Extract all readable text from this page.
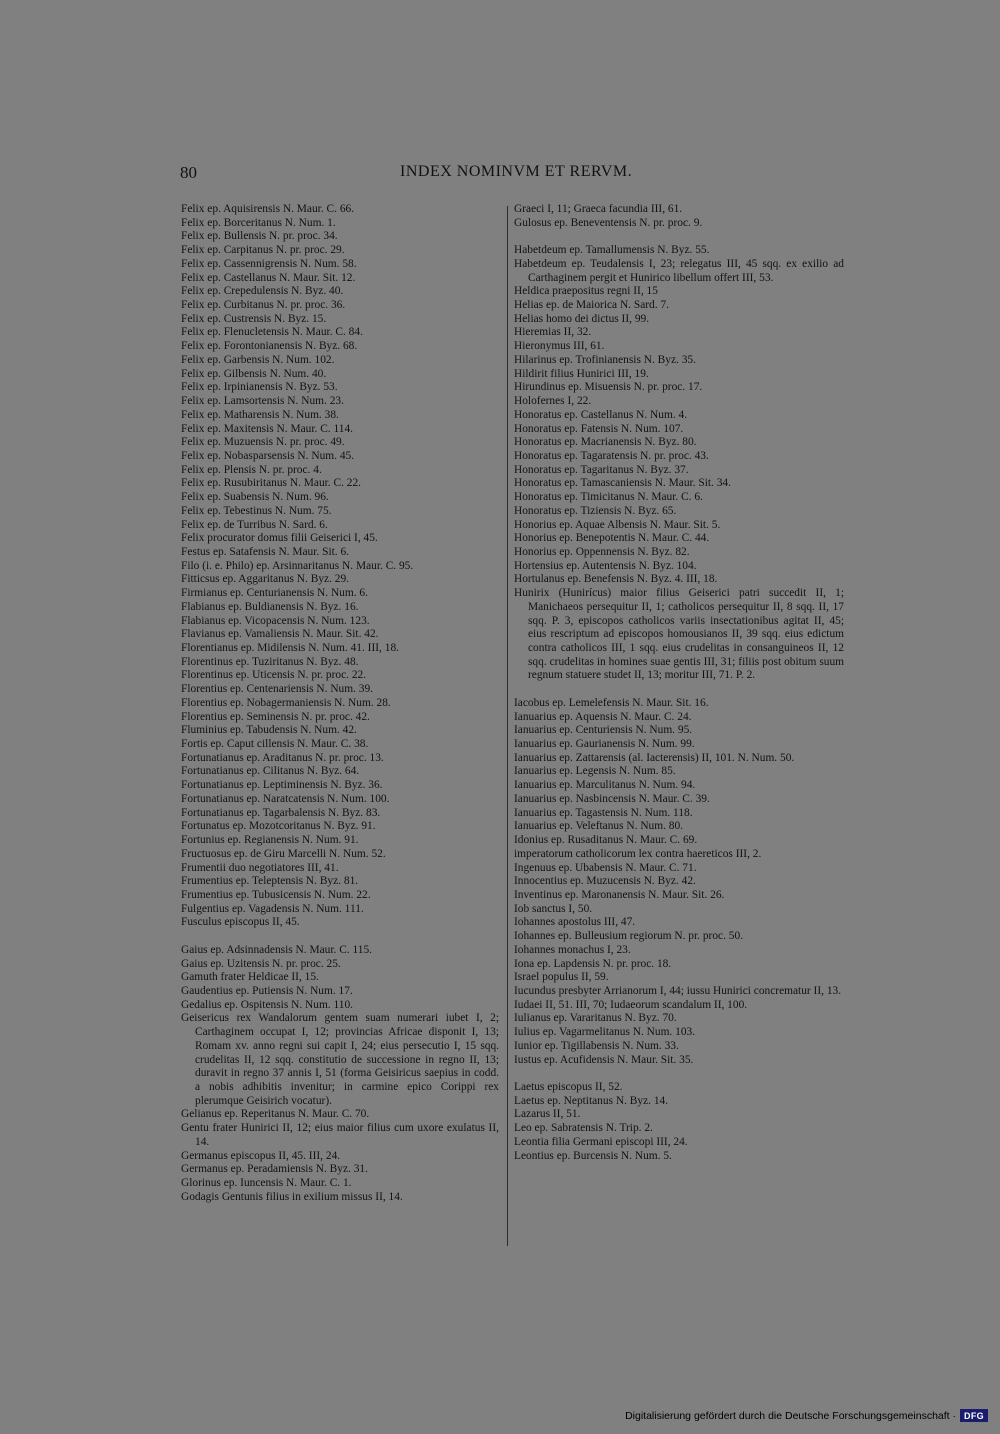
80	INDEX NOMINVM ET RERVM.
Felix ep. Aquisirensis N. Maur. C. 66.
Felix ep. Borceritanus N. Num. 1.
Felix ep. Bullensis N. pr. proc. 34.
Felix ep. Carpitanus N. pr. proc. 29.
Felix ep. Cassennigrensis N. Num. 58.
Felix ep. Castellanus N. Maur. Sit. 12.
Felix ep. Crepedulensis N. Byz. 40.
Felix ep. Curbitanus N. pr. proc. 36.
Felix ep. Custrensis N. Byz. 15.
Felix ep. Flenucletensis N. Maur. C. 84.
Felix ep. Forontonianensis N. Byz. 68.
Felix ep. Garbensis N. Num. 102.
Felix ep. Gilbensis N. Num. 40.
Felix ep. Irpinianensis N. Byz. 53.
Felix ep. Lamsortensis N. Num. 23.
Felix ep. Matharensis N. Num. 38.
Felix ep. Maxitensis N. Maur. C. 114.
Felix ep. Muzuensis N. pr. proc. 49.
Felix ep. Nobasparsensis N. Num. 45.
Felix ep. Plensis N. pr. proc. 4.
Felix ep. Rusubiritanus N. Maur. C. 22.
Felix ep. Suabensis N. Num. 96.
Felix ep. Tebestinus N. Num. 75.
Felix ep. de Turribus N. Sard. 6.
Felix procurator domus filii Geiserici I, 45.
Festus ep. Satafensis N. Maur. Sit. 6.
Filo (i. e. Philo) ep. Arsinnaritanus N. Maur. C. 95.
Fitticsus ep. Aggaritanus N. Byz. 29.
Firmianus ep. Centurianensis N. Num. 6.
Flabianus ep. Buldianensis N. Byz. 16.
Flabianus ep. Vicopacensis N. Num. 123.
Flavianus ep. Vamaliensis N. Maur. Sit. 42.
Florentianus ep. Midilensis N. Num. 41. III, 18.
Florentinus ep. Tuziritanus N. Byz. 48.
Florentinus ep. Uticensis N. pr. proc. 22.
Florentius ep. Centenariensis N. Num. 39.
Florentius ep. Nobagermaniensis N. Num. 28.
Florentius ep. Seminensis N. pr. proc. 42.
Fluminius ep. Tabudensis N. Num. 42.
Fortis ep. Caput cillensis N. Maur. C. 38.
Fortunatianus ep. Araditanus N. pr. proc. 13.
Fortunatianus ep. Cilitanus N. Byz. 64.
Fortunatianus ep. Leptiminensis N. Byz. 36.
Fortunatianus ep. Naratcatensis N. Num. 100.
Fortunatianus ep. Tagarbalensis N. Byz. 83.
Fortunatus ep. Mozotcoritanus N. Byz. 91.
Fortunius ep. Regianensis N. Num. 91.
Fructuosus ep. de Giru Marcelli N. Num. 52.
Frumentii duo negotiatores III, 41.
Frumentius ep. Teleptensis N. Byz. 81.
Frumentius ep. Tubusicensis N. Num. 22.
Fulgentius ep. Vagadensis N. Num. 111.
Fusculus episcopus II, 45.
Gaius ep. Adsinnadensis N. Maur. C. 115.
Gaius ep. Uzitensis N. pr. proc. 25.
Gamuth frater Heldicae II, 15.
Gaudentius ep. Putiensis N. Num. 17.
Gedalius ep. Ospitensis N. Num. 110.
Geisericus rex Wandalorum gentem suam numerari iubet I, 2; Carthaginem occupat I, 12; provincias Africae disponit I, 13; Romam xv. anno regni sui capit I, 24; eius persecutio I, 15 sqq. crudelitas II, 12 sqq. constitutio de successione in regno II, 13; duravit in regno 37 annis I, 51 (forma Geisiricus saepius in codd. a nobis adhibitis invenitur; in carmine epico Corippi rex plerumque Geisirich vocatur).
Gelianus ep. Reperitanus N. Maur. C. 70.
Gentu frater Hunirici II, 12; eius maior filius cum uxore exulatus II, 14.
Germanus episcopus II, 45. III, 24.
Germanus ep. Peradamiensis N. Byz. 31.
Glorinus ep. Iuncensis N. Maur. C. 1.
Godagis Gentunis filius in exilium missus II, 14.
Graeci I, 11; Graeca facundia III, 61.
Gulosus ep. Beneventensis N. pr. proc. 9.
Habetdeum ep. Tamallumensis N. Byz. 55.
Habetdeum ep. Teudalensis I, 23; relegatus III, 45 sqq. ex exilio ad Carthaginem pergit et Hunirico libellum offert III, 53.
Heldica praepositus regni II, 15
Helias ep. de Maiorica N. Sard. 7.
Helias homo dei dictus II, 99.
Hieremias II, 32.
Hieronymus III, 61.
Hilarinus ep. Trofinianensis N. Byz. 35.
Hildirit filius Hunirici III, 19.
Hirundinus ep. Misuensis N. pr. proc. 17.
Holofernes I, 22.
Honoratus ep. Castellanus N. Num. 4.
Honoratus ep. Fatensis N. Num. 107.
Honoratus ep. Macrianensis N. Byz. 80.
Honoratus ep. Tagaratensis N. pr. proc. 43.
Honoratus ep. Tagaritanus N. Byz. 37.
Honoratus ep. Tamascaniensis N. Maur. Sit. 34.
Honoratus ep. Timicitanus N. Maur. C. 6.
Honoratus ep. Tiziensis N. Byz. 65.
Honorius ep. Aquae Albensis N. Maur. Sit. 5.
Honorius ep. Benepotentis N. Maur. C. 44.
Honorius ep. Oppennensis N. Byz. 82.
Hortensius ep. Autentensis N. Byz. 104.
Hortulanus ep. Benefensis N. Byz. 4. III, 18.
Hunirix (Hunirícus) maior filius Geiserici patri succedit II, 1; Manichaeos persequitur II, 1; catholicos persequitur II, 8 sqq. II, 17 sqq. P. 3, episcopos catholicos variis insectationibus agitat II, 45; eius rescriptum ad episcopos homousianos II, 39 sqq. eius edictum contra catholicos III, 1 sqq. eius crudelitas in consanguineos II, 12 sqq. crudelitas in homines suae gentis III, 31; filiis post obitum suum regnum statuere studet II, 13; moritur III, 71. P. 2.
Iacobus ep. Lemelefensis N. Maur. Sit. 16.
Ianuarius ep. Aquensis N. Maur. C. 24.
Ianuarius ep. Centuriensis N. Num. 95.
Ianuarius ep. Gaurianensis N. Num. 99.
Ianuarius ep. Zattarensis (al. Iacterensis) II, 101. N. Num. 50.
Ianuarius ep. Legensis N. Num. 85.
Ianuarius ep. Marculitanus N. Num. 94.
Ianuarius ep. Nasbincensis N. Maur. C. 39.
Ianuarius ep. Tagastensis N. Num. 118.
Ianuarius ep. Veleftanus N. Num. 80.
Idonius ep. Rusaditanus N. Maur. C. 69.
imperatorum catholicorum lex contra haereticos III, 2.
Ingenuus ep. Ubabensis N. Maur. C. 71.
Innocentius ep. Muzucensis N. Byz. 42.
Inventinus ep. Maronanensis N. Maur. Sit. 26.
Iob sanctus I, 50.
Iohannes apostolus III, 47.
Iohannes ep. Bulleusium regiorum N. pr. proc. 50.
Iohannes monachus I, 23.
Iona ep. Lapdensis N. pr. proc. 18.
Israel populus II, 59.
Iucundus presbyter Arrianorum I, 44; iussu Hunirici concrematur II, 13.
Iudaei II, 51. III, 70; Iudaeorum scandalum II, 100.
Iulianus ep. Vararitanus N. Byz. 70.
Iulius ep. Vagarmelitanus N. Num. 103.
Iunior ep. Tigillabensis N. Num. 33.
Iustus ep. Acufidensis N. Maur. Sit. 35.
Laetus episcopus II, 52.
Laetus ep. Neptitanus N. Byz. 14.
Lazarus II, 51.
Leo ep. Sabratensis N. Trip. 2.
Leontia filia Germani episcopi III, 24.
Leontius ep. Burcensis N. Num. 5.
Digitalisierung gefördert durch die Deutsche Forschungsgemeinschaft · DFG
